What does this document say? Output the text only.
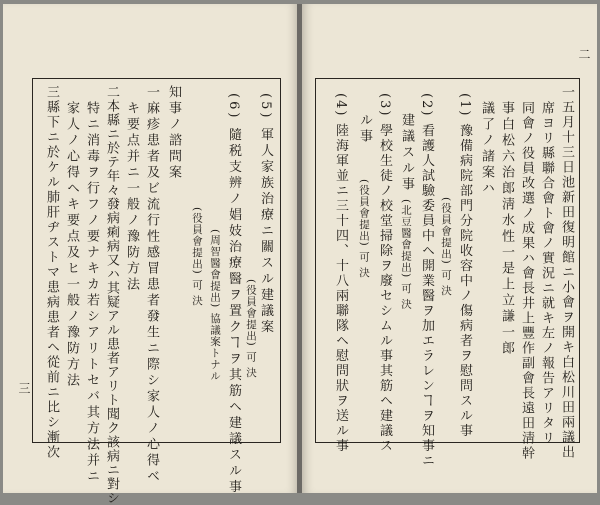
三
(5) 軍人家族治療ニ關スル建議案
(役員會提出) 可 決
(6) 隨税支辨ノ娼妓治療醫ヲ置クヿヲ其筋ヘ建議スル事
(周智醫會提出) 協議案トナル
(役員會提出) 可 決
知事ノ諮問案
一麻疹患者及ビ流行性感冒患者發生ニ際シ家人ノ心得ベ
キ要点并ニ一般ノ豫防方法
二本縣ニ於テ年々發病痢病又ハ其疑アル患者アリト聞ク該病ニ對シ
特ニ消毒ヲ行フノ要ナキカ若シアリトセバ其方法并ニ
家人ノ心得ヘキ要点及ヒ一般ノ豫防方法
三縣下ニ於ケル肺肝ヂストマ患病患者ヘ從前ニ比シ漸次
二
一五月十三日池新田復明館ニ小會ヲ開キ白松川田兩議出
席ヨリ縣聯合會ト會ノ實況ニ就キ左ノ報告アリタリ
同會ノ役員改選ノ成果ハ會長井上豐作副會長遠田淸幹
事白松六治郎淸水性一是上立謙一郎
議了ノ諸案ハ
(1) 豫備病院部門分院收容中ノ傷病者ヲ慰問スル事
(役員會提出) 可 決
(2) 看護人試驗委員中ヘ開業醫ヲ加エラレンヿヲ知事ニ
建議スル事
(北豆醫會提出) 可 決
(3) 學校生徒ノ校堂掃除ヲ廢セシムル事其筋ヘ建議ス
ル事
(役員會提出) 可 決
(4) 陸海軍並ニ三十四、十八兩聯隊ヘ慰問狀ヲ送ル事
